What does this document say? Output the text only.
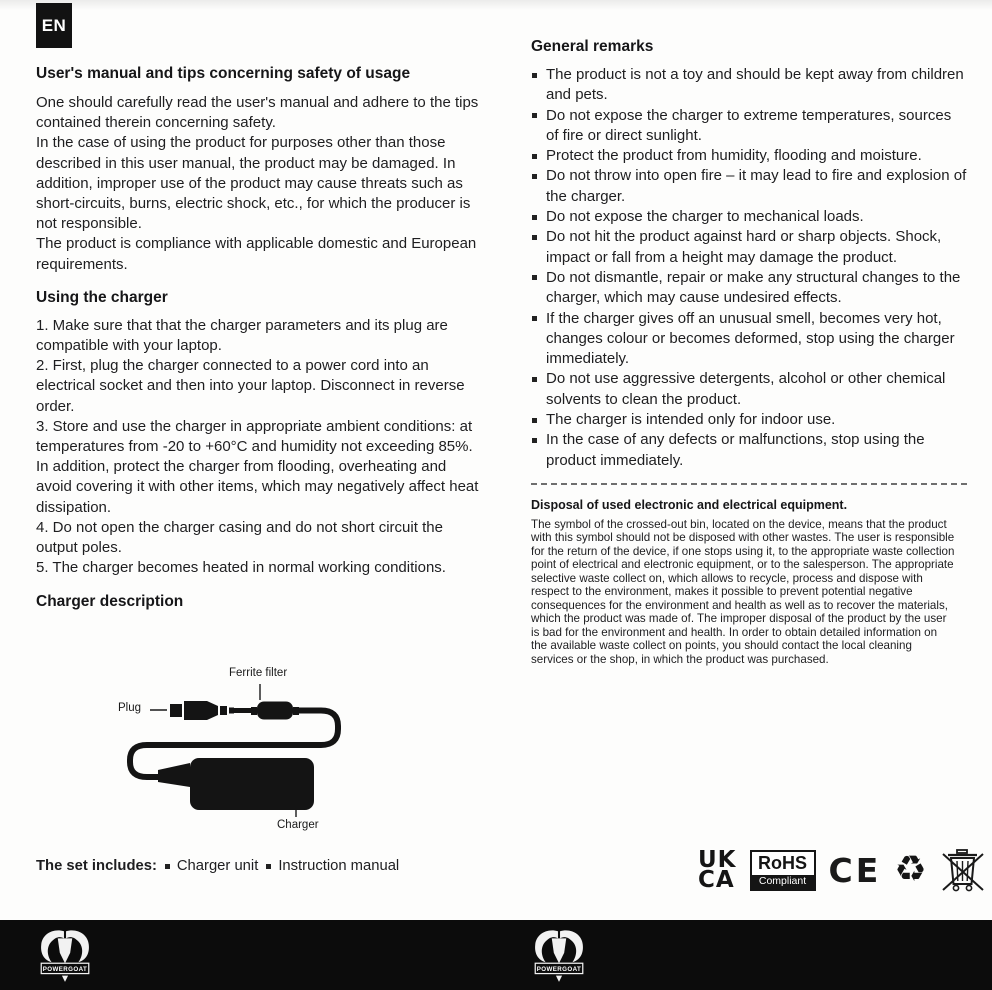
EN
User's manual and tips concerning safety of usage

One should carefully read the user's manual and adhere to the tips contained therein concerning safety.

In the case of using the product for purposes other than those described in this user manual, the product may be damaged. In addition, improper use of the product may cause threats such as short-circuits, burns, electric shock, etc., for which the producer is not responsible.

The product is compliance with applicable domestic and European requirements.

Using the charger

1. Make sure that that the charger parameters and its plug are compatible with your laptop.

2. First, plug the charger connected to a power cord into an electrical socket and then into your laptop. Disconnect in reverse order.

3. Store and use the charger in appropriate ambient conditions: at temperatures from -20 to +60°C and humidity not exceeding 85%. In addition, protect the charger from flooding, overheating and avoid covering it with other items, which may negatively affect heat dissipation.

4. Do not open the charger casing and do not short circuit the output poles.

5. The charger becomes heated in normal working conditions.

Charger description
Ferrite filter
Plug
Charger
The set includes: Charger unit Instruction manual
General remarks
The product is not a toy and should be kept away from children and pets.
Do not expose the charger to extreme temperatures, sources of fire or direct sunlight.
Protect the product from humidity, flooding and moisture.
Do not throw into open fire – it may lead to fire and explosion of the charger.
Do not expose the charger to mechanical loads.
Do not hit the product against hard or sharp objects. Shock, impact or fall from a height may damage the product.
Do not dismantle, repair or make any structural changes to the charger, which may cause undesired effects.
If the charger gives off an unusual smell, becomes very hot, changes colour or becomes deformed, stop using the charger immediately.
Do not use aggressive detergents, alcohol or other chemical solvents to clean the product.
The charger is intended only for indoor use.
In the case of any defects or malfunctions, stop using the product immediately.

Disposal of used electronic and electrical equipment.

The symbol of the crossed-out bin, located on the device, means that the product with this symbol should not be disposed with other wastes. The user is responsible for the return of the device, if one stops using it, to the appropriate waste collection point of electrical and electronic equipment, or to the salesperson. The appropriate selective waste collect on, which allows to recycle, process and dispose with respect to the environment, makes it possible to prevent potential negative consequences for the environment and health as well as to recover the materials, which the product was made of. The improper disposal of the product by the user is bad for the environment and health. In order to obtain detailed information on the available waste collect on points, you should contact the local cleaning services or the shop, in which the product was purchased.

UK
CA
RoHS
Compliant CE ♻
POWERGOAT	POWERGOAT
